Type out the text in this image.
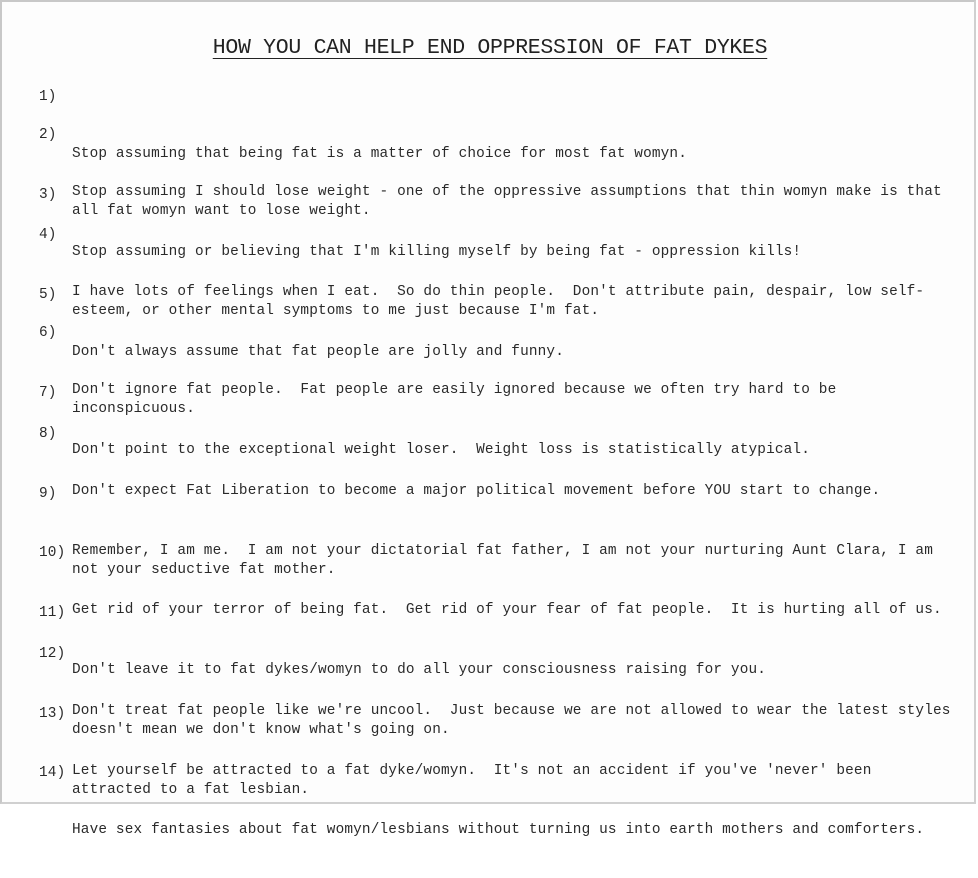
HOW YOU CAN HELP END OPPRESSION OF FAT DYKES

1)

Stop assuming that being fat is a matter of choice for most fat womyn.

2)

Stop assuming I should lose weight - one of the oppressive assumptions that thin womyn make is that all fat womyn want to lose weight.

3)

Stop assuming or believing that I'm killing myself by being fat - oppression kills!

4)

I have lots of feelings when I eat.  So do thin people.  Don't attribute pain, despair, low self-esteem, or other mental symptoms to me just because I'm fat.

5)

Don't always assume that fat people are jolly and funny.

6)

Don't ignore fat people.  Fat people are easily ignored because we often try hard to be inconspicuous.

7)

Don't point to the exceptional weight loser.  Weight loss is statistically atypical.

8)

Don't expect Fat Liberation to become a major political movement before YOU start to change.

9)

Remember, I am me.  I am not your dictatorial fat father, I am not your nurturing Aunt Clara, I am not your seductive fat mother.

10)

Get rid of your terror of being fat.  Get rid of your fear of fat people.  It is hurting all of us.

11)

Don't leave it to fat dykes/womyn to do all your consciousness raising for you.

12)

Don't treat fat people like we're uncool.  Just because we are not allowed to wear the latest styles doesn't mean we don't know what's going on.

13)

Let yourself be attracted to a fat dyke/womyn.  It's not an accident if you've 'never' been attracted to a fat lesbian.

14)

Have sex fantasies about fat womyn/lesbians without turning us into earth mothers and comforters.
